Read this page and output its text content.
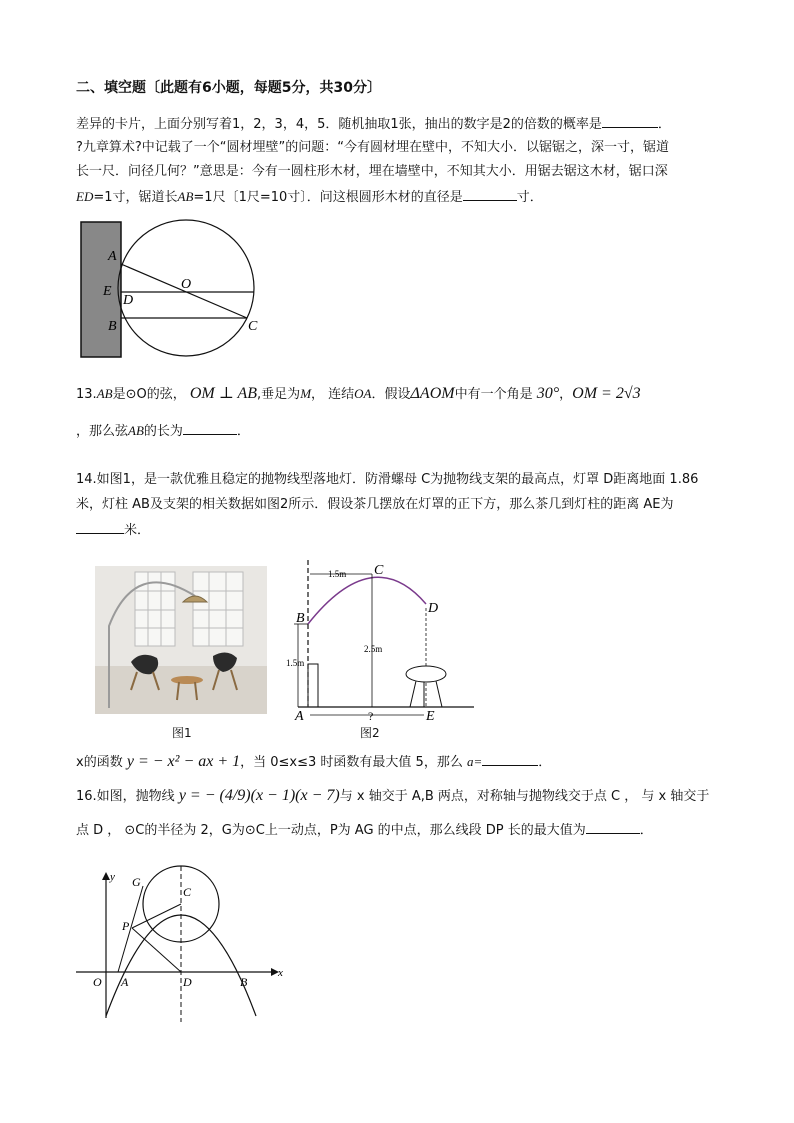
二、填空题〔此题有6小题，每题5分，共30分〕
差异的卡片，上面分别写着1，2，3，4，5．随机抽取1张，抽出的数字是2的倍数的概率是	．
?九章算术?中记载了一个“圆材埋壁”的问题：“今有圆材埋在壁中，不知大小．以锯锯之，深一寸，锯道
长一尺．问径几何？”意思是：今有一圆柱形木材，埋在墙壁中，不知其大小．用锯去锯这木材，锯口深
ED=1寸，锯道长AB=1尺〔1尺=10寸〕．问这根圆形木材的直径是	寸．
A
E
D
O
B	C
13.AB是⊙O的弦， OM ⊥ AB,垂足为M， 连结OA．假设ΔAOM中有一个角是 30°，OM = 2√3
，那么弦AB的长为	．
14.如图1，是一款优雅且稳定的抛物线型落地灯．防滑螺母 C为抛物线支架的最高点，灯罩 D距离地面 1.86
米，灯柱 AB及支架的相关数据如图2所示．假设茶几摆放在灯罩的正下方，那么茶几到灯柱的距离 AE为
米．
图1
1.5m
2.5m
1.5m
?
C
D
B
A	E
图2
x的函数 y = − x² − ax + 1，当 0≤x≤3 时函数有最大值 5，那么 a=	．
16.如图，抛物线 y = − (4/9)(x − 1)(x − 7)与 x 轴交于 A,B 两点，对称轴与抛物线交于点 C ， 与 x 轴交于
点 D ， ⊙C的半径为 2，G为⊙C上一动点，P为 AG 的中点，那么线段 DP 长的最大值为	．
y G
C
P
O A	D	B
x
